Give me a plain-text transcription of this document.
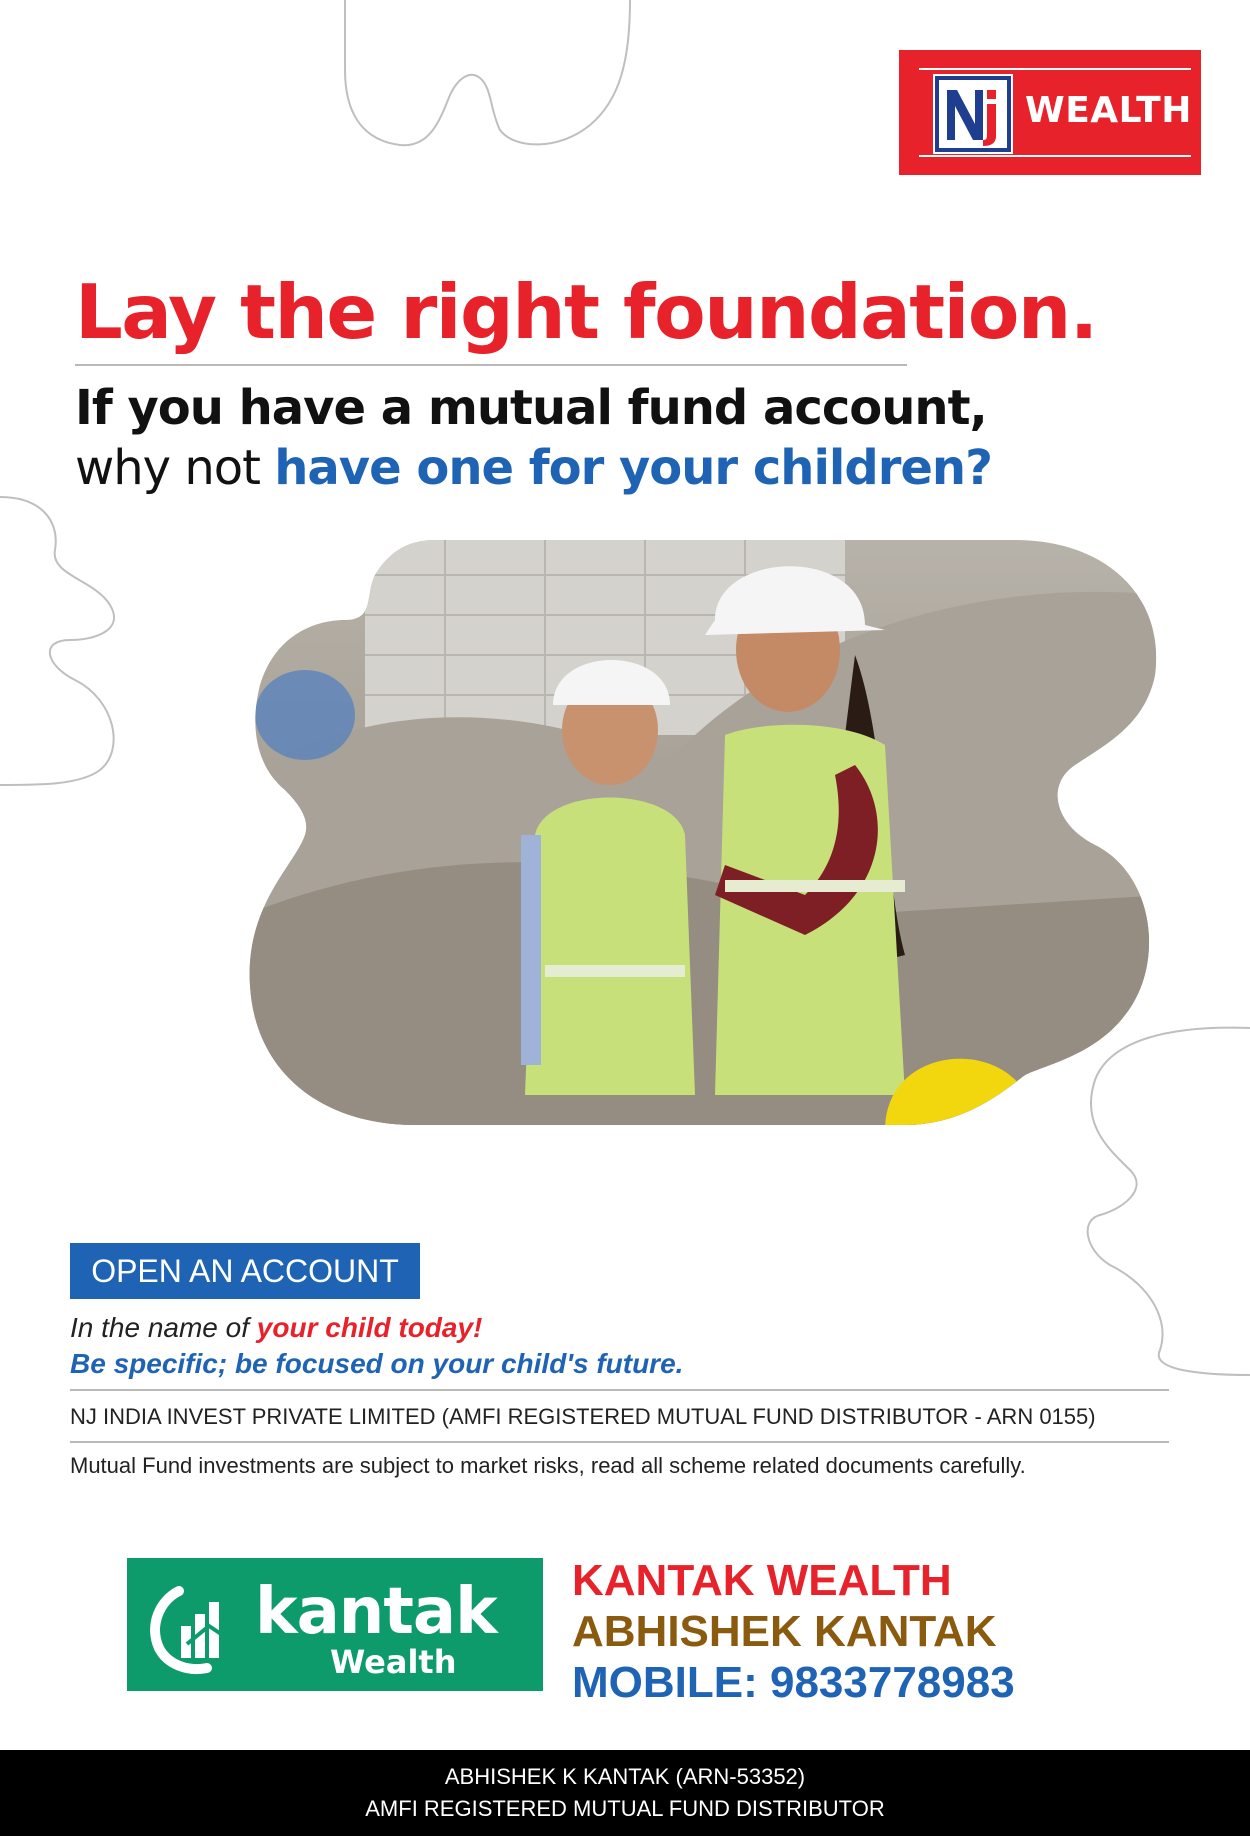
WEALTH
Lay the right foundation.
If you have a mutual fund account,
why not have one for your children?
OPEN AN ACCOUNT
In the name of your child today!
Be specific; be focused on your child's future.
NJ INDIA INVEST PRIVATE LIMITED (AMFI REGISTERED MUTUAL FUND DISTRIBUTOR - ARN 0155)
Mutual Fund investments are subject to market risks, read all scheme related documents carefully.
kantak
Wealth
KANTAK WEALTH
ABHISHEK KANTAK
MOBILE: 9833778983
ABHISHEK K KANTAK (ARN-53352)
AMFI REGISTERED MUTUAL FUND DISTRIBUTOR
